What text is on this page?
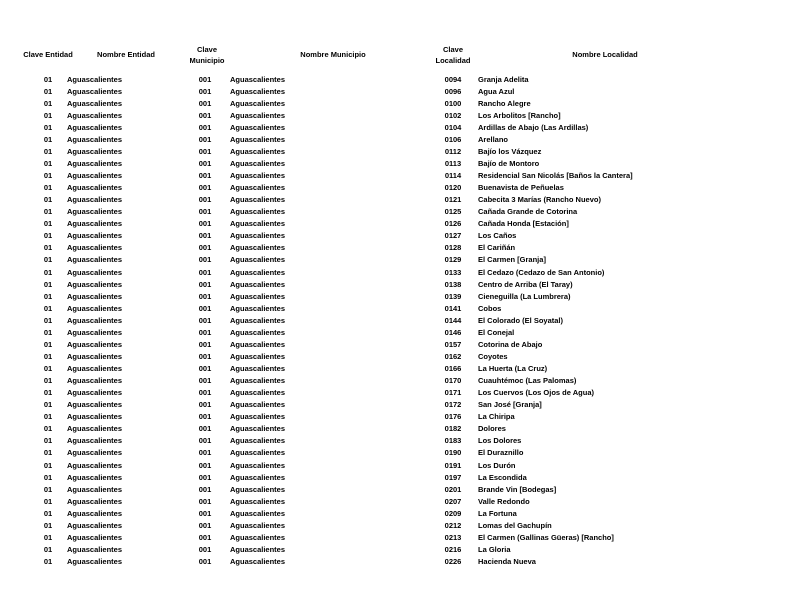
Clave Entidad	Nombre Entidad
Clave Municipio
Nombre Municipio
Clave Localidad
Nombre Localidad
01
01
01
01
01
01
01
01
01
01
01
01
01
01
01
01
01
01
01
01
01
01
01
01
01
01
01
01
01
01
01
01
01
01
01
01
01
01
01
01
01
Aguascalientes
Aguascalientes
Aguascalientes
Aguascalientes
Aguascalientes
Aguascalientes
Aguascalientes
Aguascalientes
Aguascalientes
Aguascalientes
Aguascalientes
Aguascalientes
Aguascalientes
Aguascalientes
Aguascalientes
Aguascalientes
Aguascalientes
Aguascalientes
Aguascalientes
Aguascalientes
Aguascalientes
Aguascalientes
Aguascalientes
Aguascalientes
Aguascalientes
Aguascalientes
Aguascalientes
Aguascalientes
Aguascalientes
Aguascalientes
Aguascalientes
Aguascalientes
Aguascalientes
Aguascalientes
Aguascalientes
Aguascalientes
Aguascalientes
Aguascalientes
Aguascalientes
Aguascalientes
Aguascalientes
001
001
001
001
001
001
001
001
001
001
001
001
001
001
001
001
001
001
001
001
001
001
001
001
001
001
001
001
001
001
001
001
001
001
001
001
001
001
001
001
001
Aguascalientes
Aguascalientes
Aguascalientes
Aguascalientes
Aguascalientes
Aguascalientes
Aguascalientes
Aguascalientes
Aguascalientes
Aguascalientes
Aguascalientes
Aguascalientes
Aguascalientes
Aguascalientes
Aguascalientes
Aguascalientes
Aguascalientes
Aguascalientes
Aguascalientes
Aguascalientes
Aguascalientes
Aguascalientes
Aguascalientes
Aguascalientes
Aguascalientes
Aguascalientes
Aguascalientes
Aguascalientes
Aguascalientes
Aguascalientes
Aguascalientes
Aguascalientes
Aguascalientes
Aguascalientes
Aguascalientes
Aguascalientes
Aguascalientes
Aguascalientes
Aguascalientes
Aguascalientes
Aguascalientes
0094
0096
0100
0102
0104
0106
0112
0113
0114
0120
0121
0125
0126
0127
0128
0129
0133
0138
0139
0141
0144
0146
0157
0162
0166
0170
0171
0172
0176
0182
0183
0190
0191
0197
0201
0207
0209
0212
0213
0216
0226
Granja Adelita
Agua Azul
Rancho Alegre
Los Arbolitos [Rancho]
Ardillas de Abajo (Las Ardillas)
Arellano
Bajío los Vázquez
Bajío de Montoro
Residencial San Nicolás [Baños la Cantera]
Buenavista de Peñuelas
Cabecita 3 Marías (Rancho Nuevo)
Cañada Grande de Cotorina
Cañada Honda [Estación]
Los Caños
El Cariñán
El Carmen [Granja]
El Cedazo (Cedazo de San Antonio)
Centro de Arriba (El Taray)
Cieneguilla (La Lumbrera)
Cobos
El Colorado (El Soyatal)
El Conejal
Cotorina de Abajo
Coyotes
La Huerta (La Cruz)
Cuauhtémoc (Las Palomas)
Los Cuervos (Los Ojos de Agua)
San José [Granja]
La Chiripa
Dolores
Los Dolores
El Duraznillo
Los Durón
La Escondida
Brande Vin [Bodegas]
Valle Redondo
La Fortuna
Lomas del Gachupín
El Carmen (Gallinas Güeras) [Rancho]
La Gloria
Hacienda Nueva
